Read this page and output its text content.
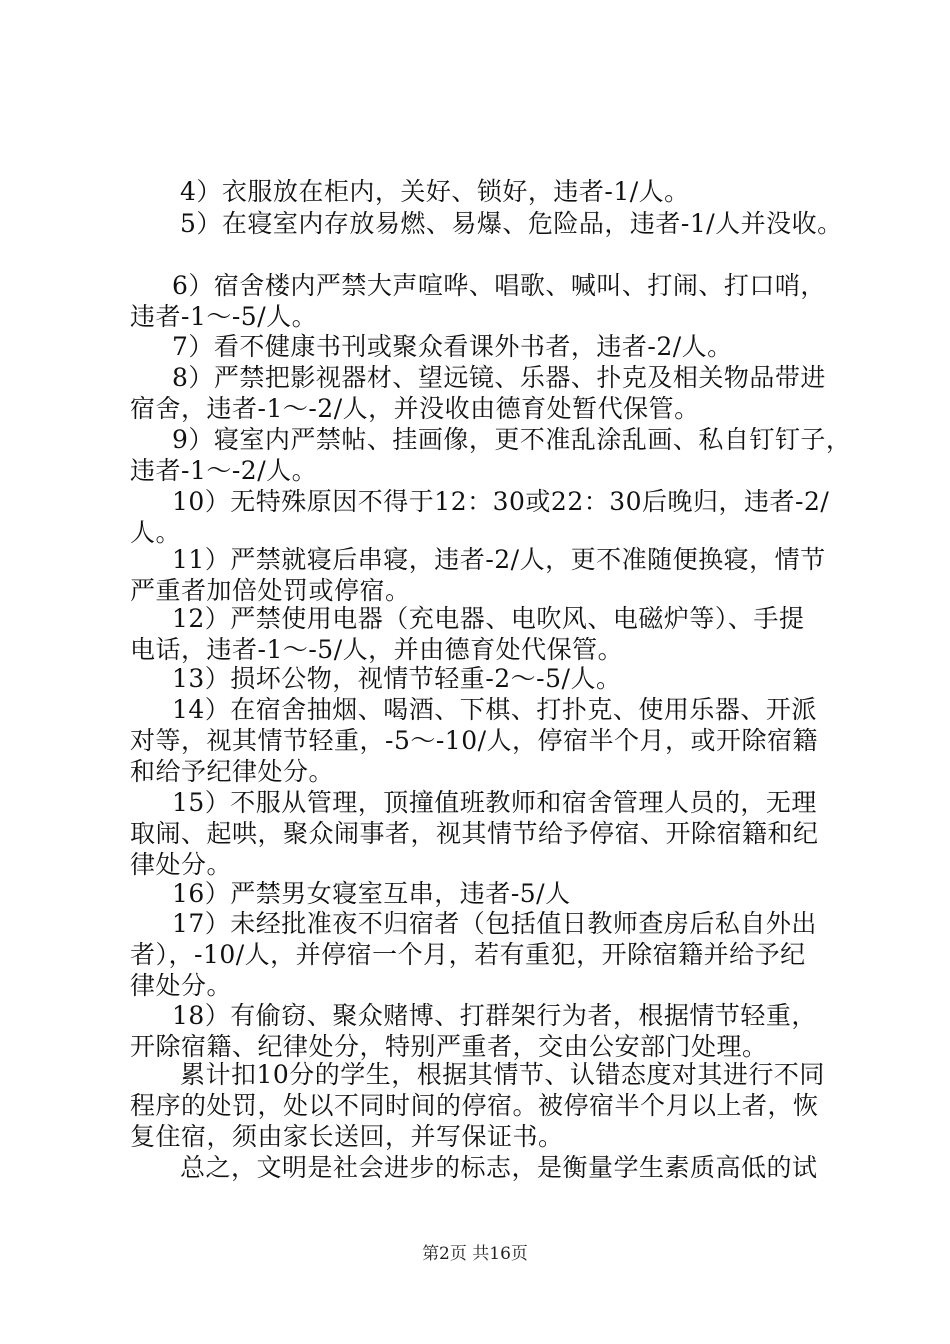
4）衣服放在柜内，关好、锁好，违者-1/人。
5）在寝室内存放易燃、易爆、危险品，违者-1/人并没收。
6）宿舍楼内严禁大声喧哗、唱歌、喊叫、打闹、打口哨，
违者-1～-5/人。
7）看不健康书刊或聚众看课外书者，违者-2/人。
8）严禁把影视器材、望远镜、乐器、扑克及相关物品带进
宿舍，违者-1～-2/人，并没收由德育处暂代保管。
9）寝室内严禁帖、挂画像，更不准乱涂乱画、私自钉钉子，
违者-1～-2/人。
10）无特殊原因不得于12：30或22：30后晚归，违者-2/
人。
11）严禁就寝后串寝，违者-2/人，更不准随便换寝，情节
严重者加倍处罚或停宿。
12）严禁使用电器（充电器、电吹风、电磁炉等）、手提
电话，违者-1～-5/人，并由德育处代保管。
13）损坏公物，视情节轻重-2～-5/人。
14）在宿舍抽烟、喝酒、下棋、打扑克、使用乐器、开派
对等，视其情节轻重，-5～-10/人，停宿半个月，或开除宿籍
和给予纪律处分。
15）不服从管理，顶撞值班教师和宿舍管理人员的，无理
取闹、起哄，聚众闹事者，视其情节给予停宿、开除宿籍和纪
律处分。
16）严禁男女寝室互串，违者-5/人
17）未经批准夜不归宿者（包括值日教师查房后私自外出
者），-10/人，并停宿一个月，若有重犯，开除宿籍并给予纪
律处分。
18）有偷窃、聚众赌博、打群架行为者，根据情节轻重，
开除宿籍、纪律处分，特别严重者，交由公安部门处理。
累计扣10分的学生，根据其情节、认错态度对其进行不同
程序的处罚，处以不同时间的停宿。被停宿半个月以上者，恢
复住宿，须由家长送回，并写保证书。
总之，文明是社会进步的标志，是衡量学生素质高低的试
第2页 共16页
